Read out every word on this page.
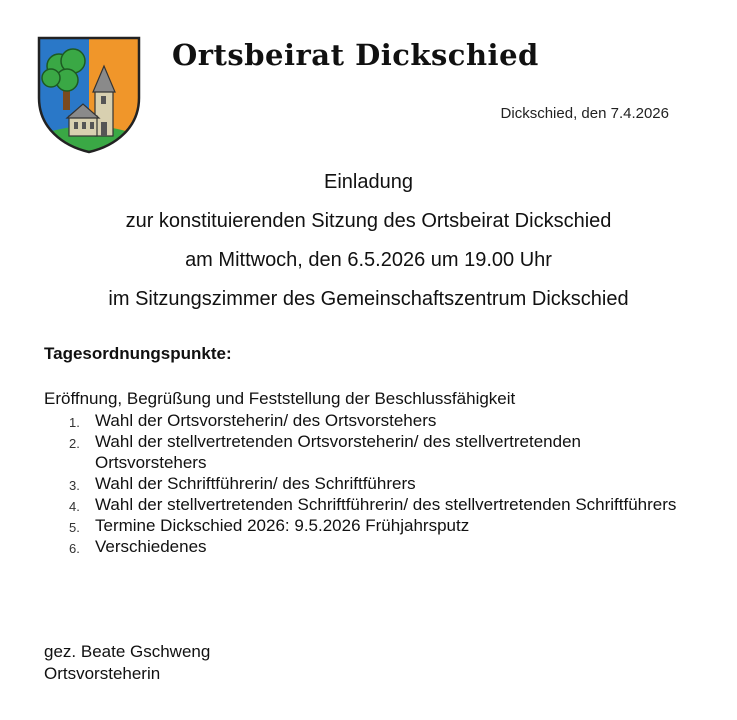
Ortsbeirat Dickschied
Dickschied, den 7.4.2026
Einladung
zur konstituierenden Sitzung des Ortsbeirat Dickschied
am Mittwoch, den 6.5.2026 um 19.00 Uhr
im Sitzungszimmer des Gemeinschaftszentrum Dickschied
Tagesordnungspunkte:
Eröffnung, Begrüßung und Feststellung der Beschlussfähigkeit
1. Wahl der Ortsvorsteherin/ des Ortsvorstehers
2. Wahl der stellvertretenden Ortsvorsteherin/ des stellvertretenden Ortsvorstehers
3. Wahl der Schriftführerin/ des Schriftführers
4. Wahl der stellvertretenden Schriftführerin/ des stellvertretenden Schriftführers
5. Termine Dickschied 2026: 9.5.2026 Frühjahrsputz
6. Verschiedenes
gez. Beate Gschweng
Ortsvorsteherin
